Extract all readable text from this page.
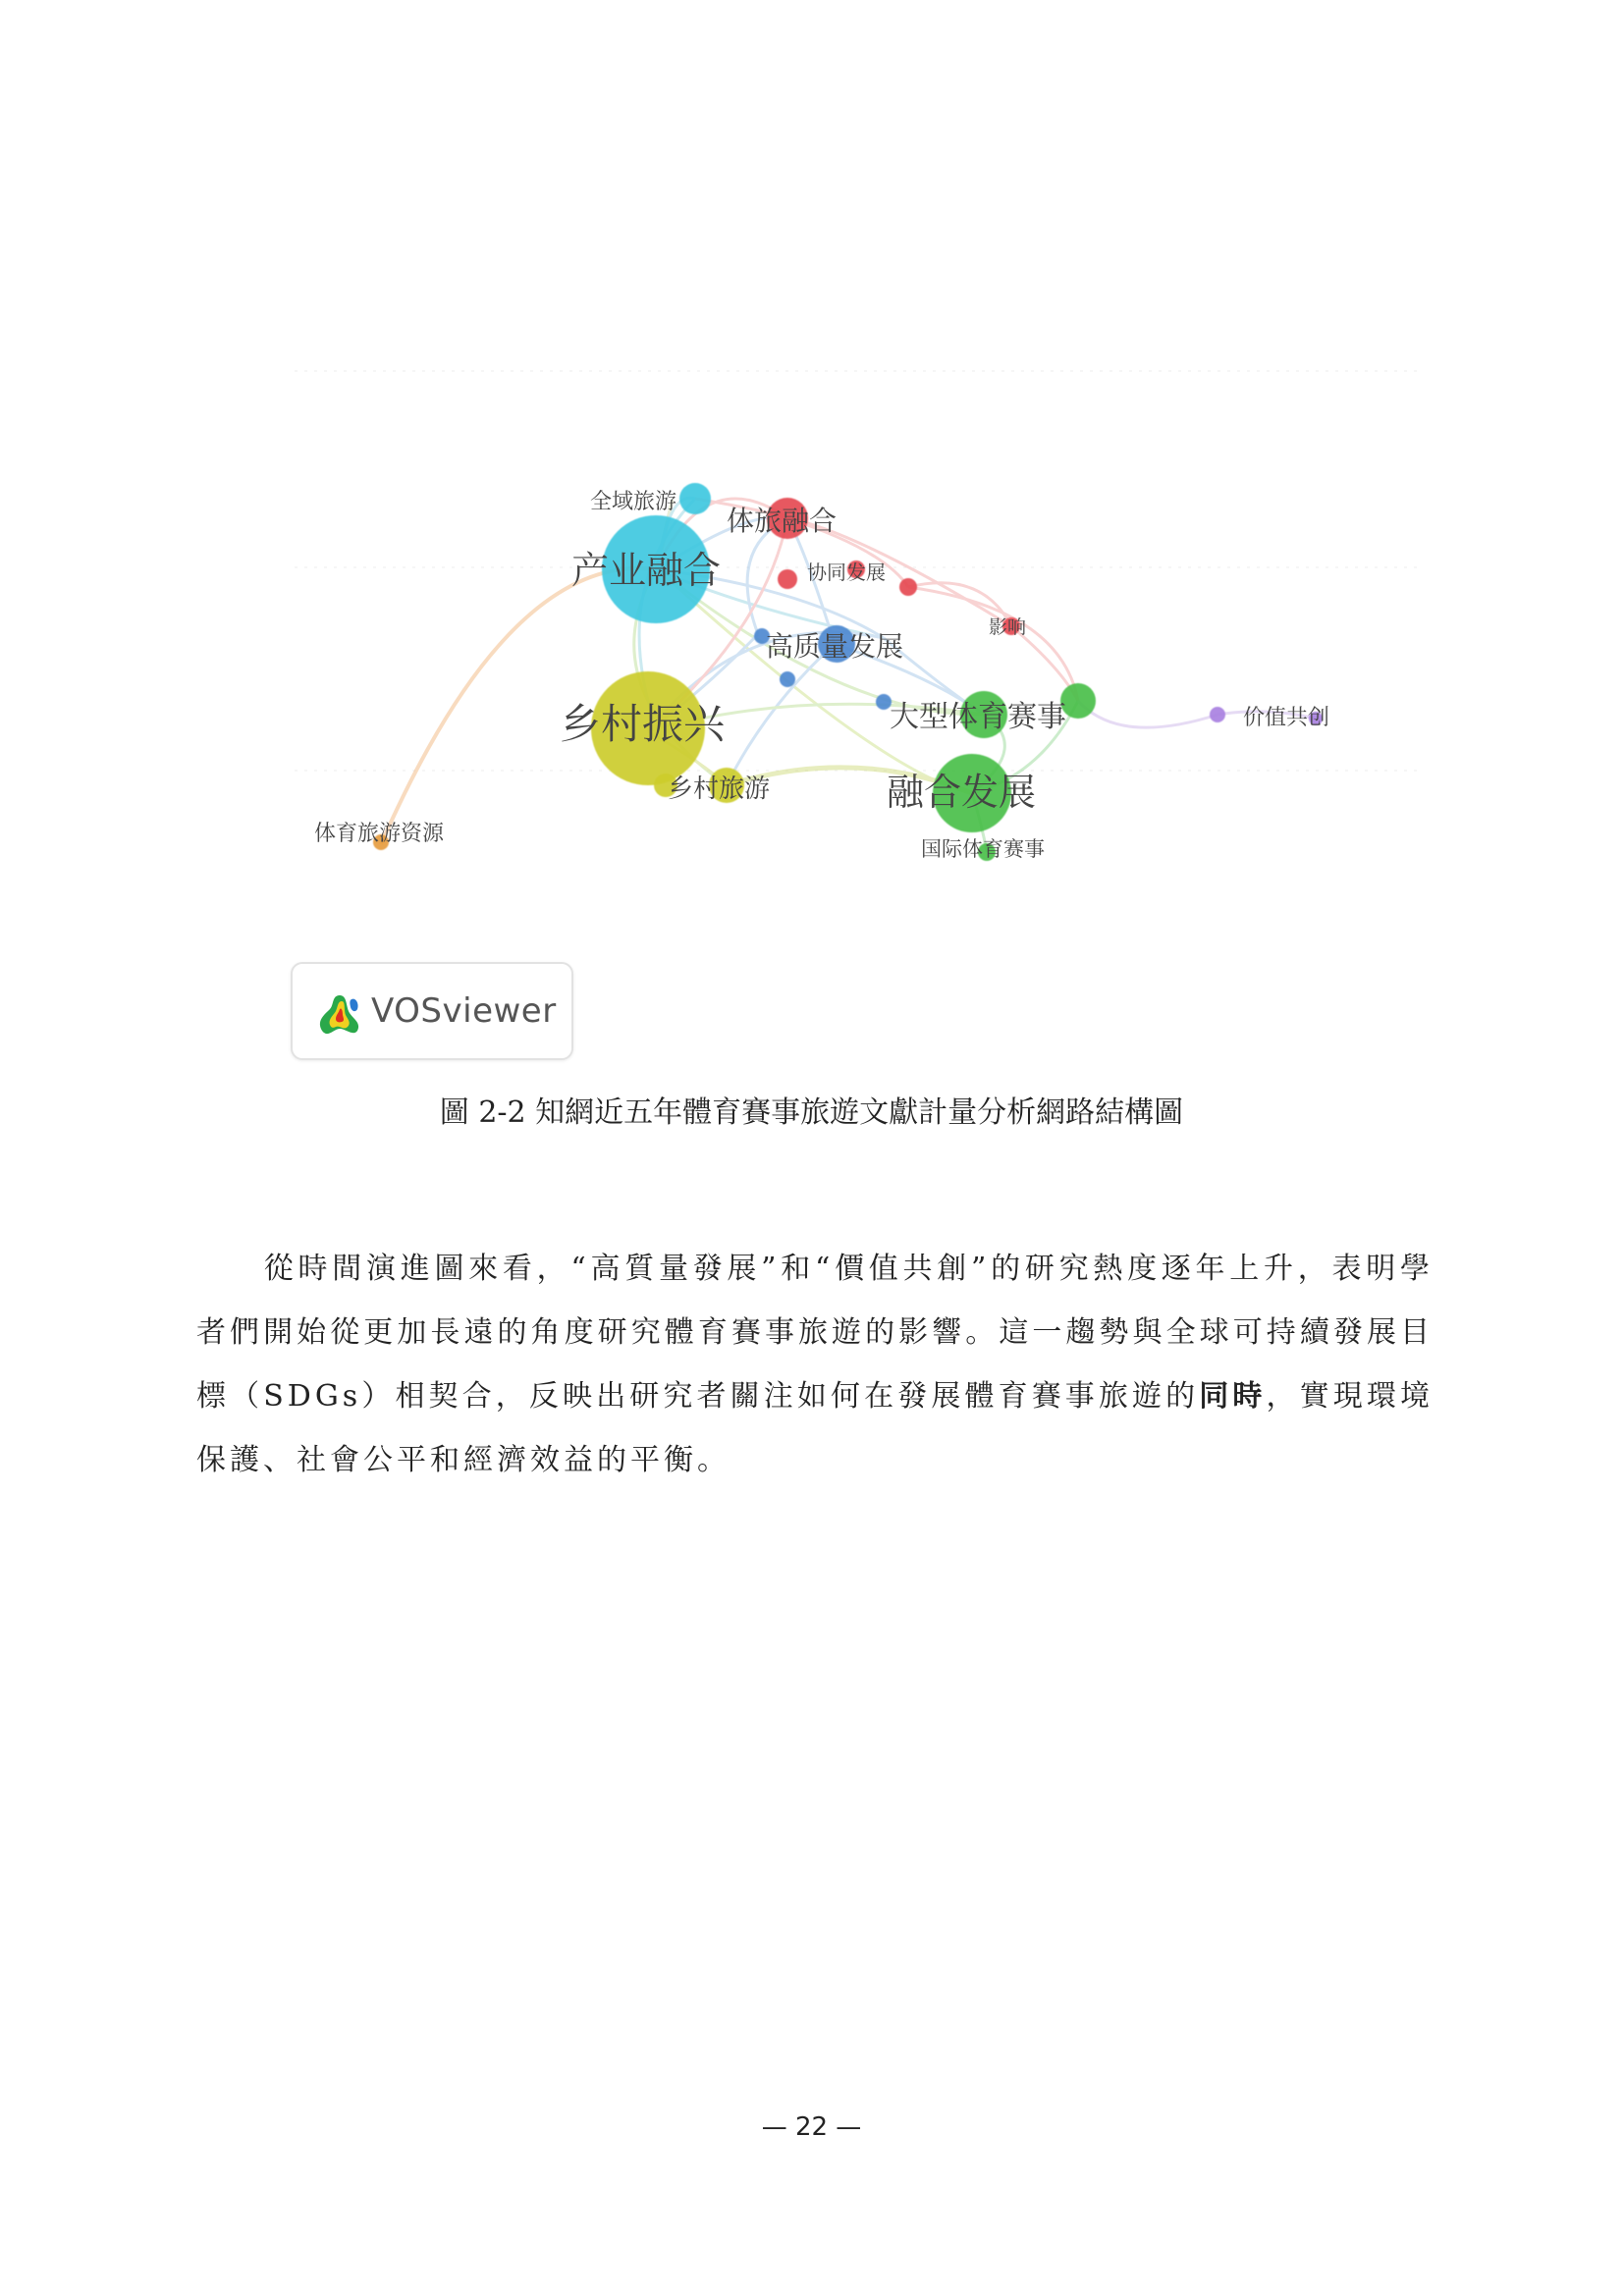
全域旅游
产业融合
体旅融合
协同发展
影响
高质量发展
乡村振兴
乡村旅游
大型体育赛事
融合发展
国际体育赛事
价值共创
体育旅游资源
VOSviewer
圖 2-2 知網近五年體育賽事旅遊文獻計量分析網路結構圖
  從時間演進圖來看，“高質量發展”和“價值共創”的研究熱度逐年上升，表明學者們開始從更加長遠的角度研究體育賽事旅遊的影響。這一趨勢與全球可持續發展目標（SDGs）相契合，反映出研究者關注如何在發展體育賽事旅遊的同時，實現環境保護、社會公平和經濟效益的平衡。
— 22 —
